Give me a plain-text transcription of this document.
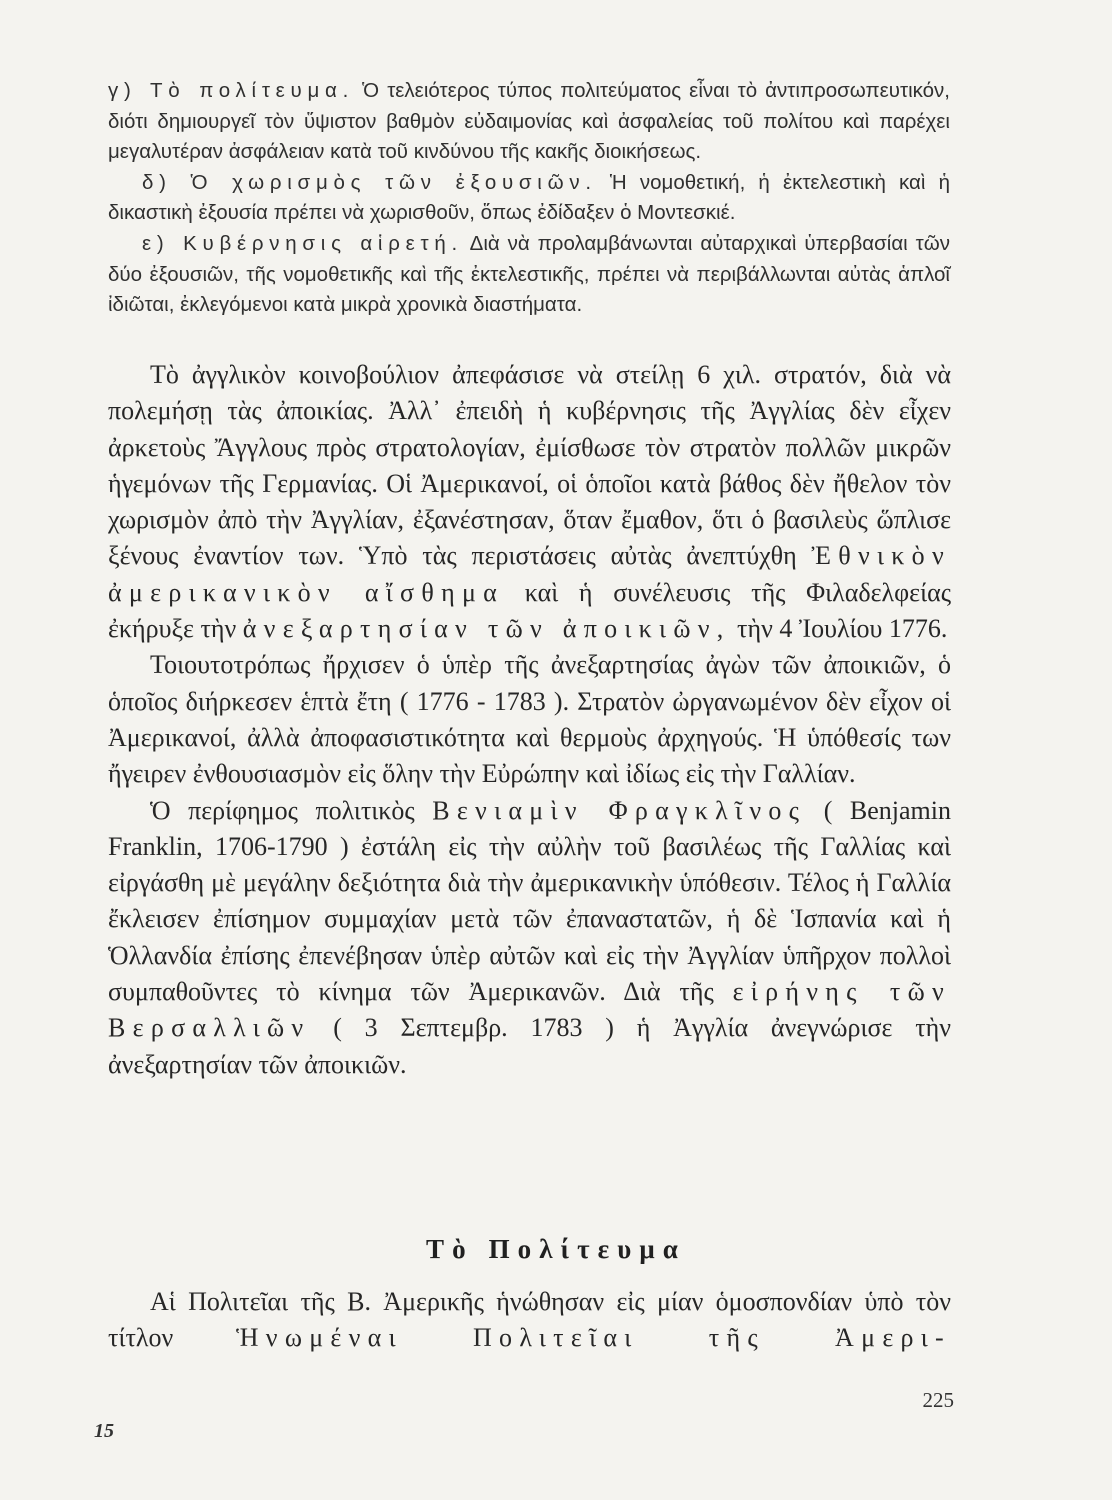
γ) Τὸ πολίτευμα. Ὁ τελειότερος τύπος πολιτεύματος εἶναι τὸ ἀντιπροσωπευτικόν, διότι δημιουργεῖ τὸν ὕψιστον βαθμὸν εὐδαιμονίας καὶ ἀσφαλείας τοῦ πολίτου καὶ παρέχει μεγαλυτέραν ἀσφάλειαν κατὰ τοῦ κινδύνου τῆς κακῆς διοικήσεως.

δ) Ὁ χωρισμὸς τῶν ἐξουσιῶν. Ἡ νομοθετική, ἡ ἐκτελεστικὴ καὶ ἡ δικαστικὴ ἐξουσία πρέπει νὰ χωρισθοῦν, ὅπως ἐδίδαξεν ὁ Μοντεσκιέ.

ε) Κυβέρνησις αἱρετή. Διὰ νὰ προλαμβάνωνται αὐταρχικαὶ ὑπερβασίαι τῶν δύο ἐξουσιῶν, τῆς νομοθετικῆς καὶ τῆς ἐκτελεστικῆς, πρέπει νὰ περιβάλλωνται αὐτὰς ἁπλοῖ ἰδιῶται, ἐκλεγόμενοι κατὰ μικρὰ χρονικὰ διαστήματα.

Τὸ ἀγγλικὸν κοινοβούλιον ἀπεφάσισε νὰ στείλῃ 6 χιλ. στρατόν, διὰ νὰ πολεμήσῃ τὰς ἀποικίας. Ἀλλ᾽ ἐπειδὴ ἡ κυβέρνησις τῆς Ἀγγλίας δὲν εἶχεν ἀρκετοὺς Ἄγγλους πρὸς στρατολογίαν, ἐμίσθωσε τὸν στρατὸν πολλῶν μικρῶν ἡγεμόνων τῆς Γερμανίας. Οἱ Ἀμερικανοί, οἱ ὁποῖοι κατὰ βάθος δὲν ἤθελον τὸν χωρισμὸν ἀπὸ τὴν Ἀγγλίαν, ἐξανέστησαν, ὅταν ἔμαθον, ὅτι ὁ βασιλεὺς ὥπλισε ξένους ἐναντίον των. Ὑπὸ τὰς περιστάσεις αὐτὰς ἀνεπτύχθη Ἐθνικὸν ἀμερικανικὸν αἴσθημα καὶ ἡ συνέλευσις τῆς Φιλαδελφείας ἐκήρυξε τὴν ἀνεξαρτησίαν τῶν ἀποικιῶν, τὴν 4 Ἰουλίου 1776.

Τοιουτοτρόπως ἤρχισεν ὁ ὑπὲρ τῆς ἀνεξαρτησίας ἀγὼν τῶν ἀποικιῶν, ὁ ὁποῖος διήρκεσεν ἑπτὰ ἔτη ( 1776 - 1783 ). Στρατὸν ὠργανωμένον δὲν εἶχον οἱ Ἀμερικανοί, ἀλλὰ ἀποφασιστικότητα καὶ θερμοὺς ἀρχηγούς. Ἡ ὑπόθεσίς των ἤγειρεν ἐνθουσιασμὸν εἰς ὅλην τὴν Εὐρώπην καὶ ἰδίως εἰς τὴν Γαλλίαν.

Ὁ περίφημος πολιτικὸς Βενιαμὶν Φραγκλῖνος ( Benjamin Franklin, 1706-1790 ) ἐστάλη εἰς τὴν αὐλὴν τοῦ βασιλέως τῆς Γαλλίας καὶ εἰργάσθη μὲ μεγάλην δεξιότητα διὰ τὴν ἀμερικανικὴν ὑπόθεσιν. Τέλος ἡ Γαλλία ἔκλεισεν ἐπίσημον συμμαχίαν μετὰ τῶν ἐπαναστατῶν, ἡ δὲ Ἱσπανία καὶ ἡ Ὁλλανδία ἐπίσης ἐπενέβησαν ὑπὲρ αὐτῶν καὶ εἰς τὴν Ἀγγλίαν ὑπῆρχον πολλοὶ συμπαθοῦντες τὸ κίνημα τῶν Ἀμερικανῶν. Διὰ τῆς εἰρήνης τῶν Βερσαλλιῶν ( 3 Σεπτεμβρ. 1783 ) ἡ Ἀγγλία ἀνεγνώρισε τὴν ἀνεξαρτησίαν τῶν ἀποικιῶν.

Τὸ Πολίτευμα

Αἱ Πολιτεῖαι τῆς Β. Ἀμερικῆς ἡνώθησαν εἰς μίαν ὁμοσπονδίαν ὑπὸ τὸν τίτλον Ἡνωμέναι Πολιτεῖαι τῆς Ἀμερι-

225
15
